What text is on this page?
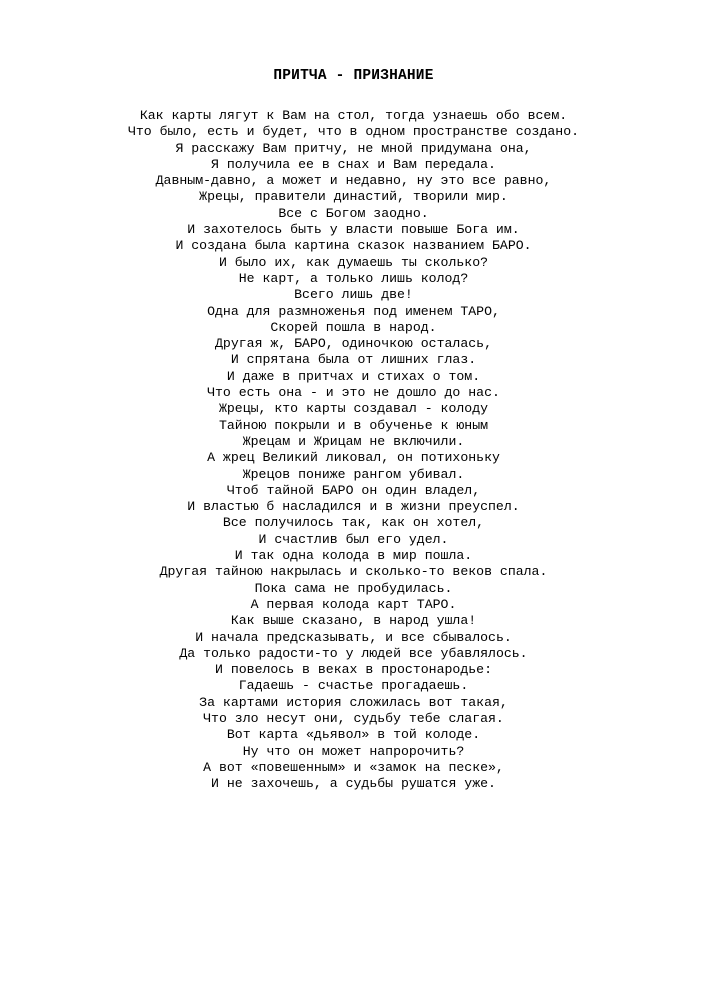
ПРИТЧА - ПРИЗНАНИЕ
Как карты лягут к Вам на стол, тогда узнаешь обо всем.
Что было, есть и будет, что в одном пространстве создано.
Я расскажу Вам притчу, не мной придумана она,
Я получила ее в снах и Вам передала.
Давным-давно, а может и недавно, ну это все равно,
Жрецы, правители династий, творили мир.
Все с Богом заодно.
И захотелось быть у власти повыше Бога им.
И создана была картина сказок названием БАРО.
И было их, как думаешь ты сколько?
Не карт, а только лишь колод?
Всего лишь две!
Одна для размноженья под именем ТАРО,
Скорей пошла в народ.
Другая ж, БАРО, одиночкою осталась,
И спрятана была от лишних глаз.
И даже в притчах и стихах о том.
Что есть она - и это не дошло до нас.
Жрецы, кто карты создавал - колоду
Тайною покрыли и в обученье к юным
Жрецам и Жрицам не включили.
А жрец Великий ликовал, он потихоньку
Жрецов пониже рангом убивал.
Чтоб тайной БАРО он один владел,
И властью б насладился и в жизни преуспел.
Все получилось так, как он хотел,
И счастлив был его удел.
И так одна колода в мир пошла.
Другая тайною накрылась и сколько-то веков спала.
Пока сама не пробудилась.
А первая колода карт ТАРО.
Как выше сказано, в народ ушла!
И начала предсказывать, и все сбывалось.
Да только радости-то у людей все убавлялось.
И повелось в веках в простонародье:
Гадаешь - счастье прогадаешь.
За картами история сложилась вот такая,
Что зло несут они, судьбу тебе слагая.
Вот карта «дьявол» в той колоде.
Ну что он может напророчить?
А вот «повешенным» и «замок на песке»,
И не захочешь, а судьбы рушатся уже.
